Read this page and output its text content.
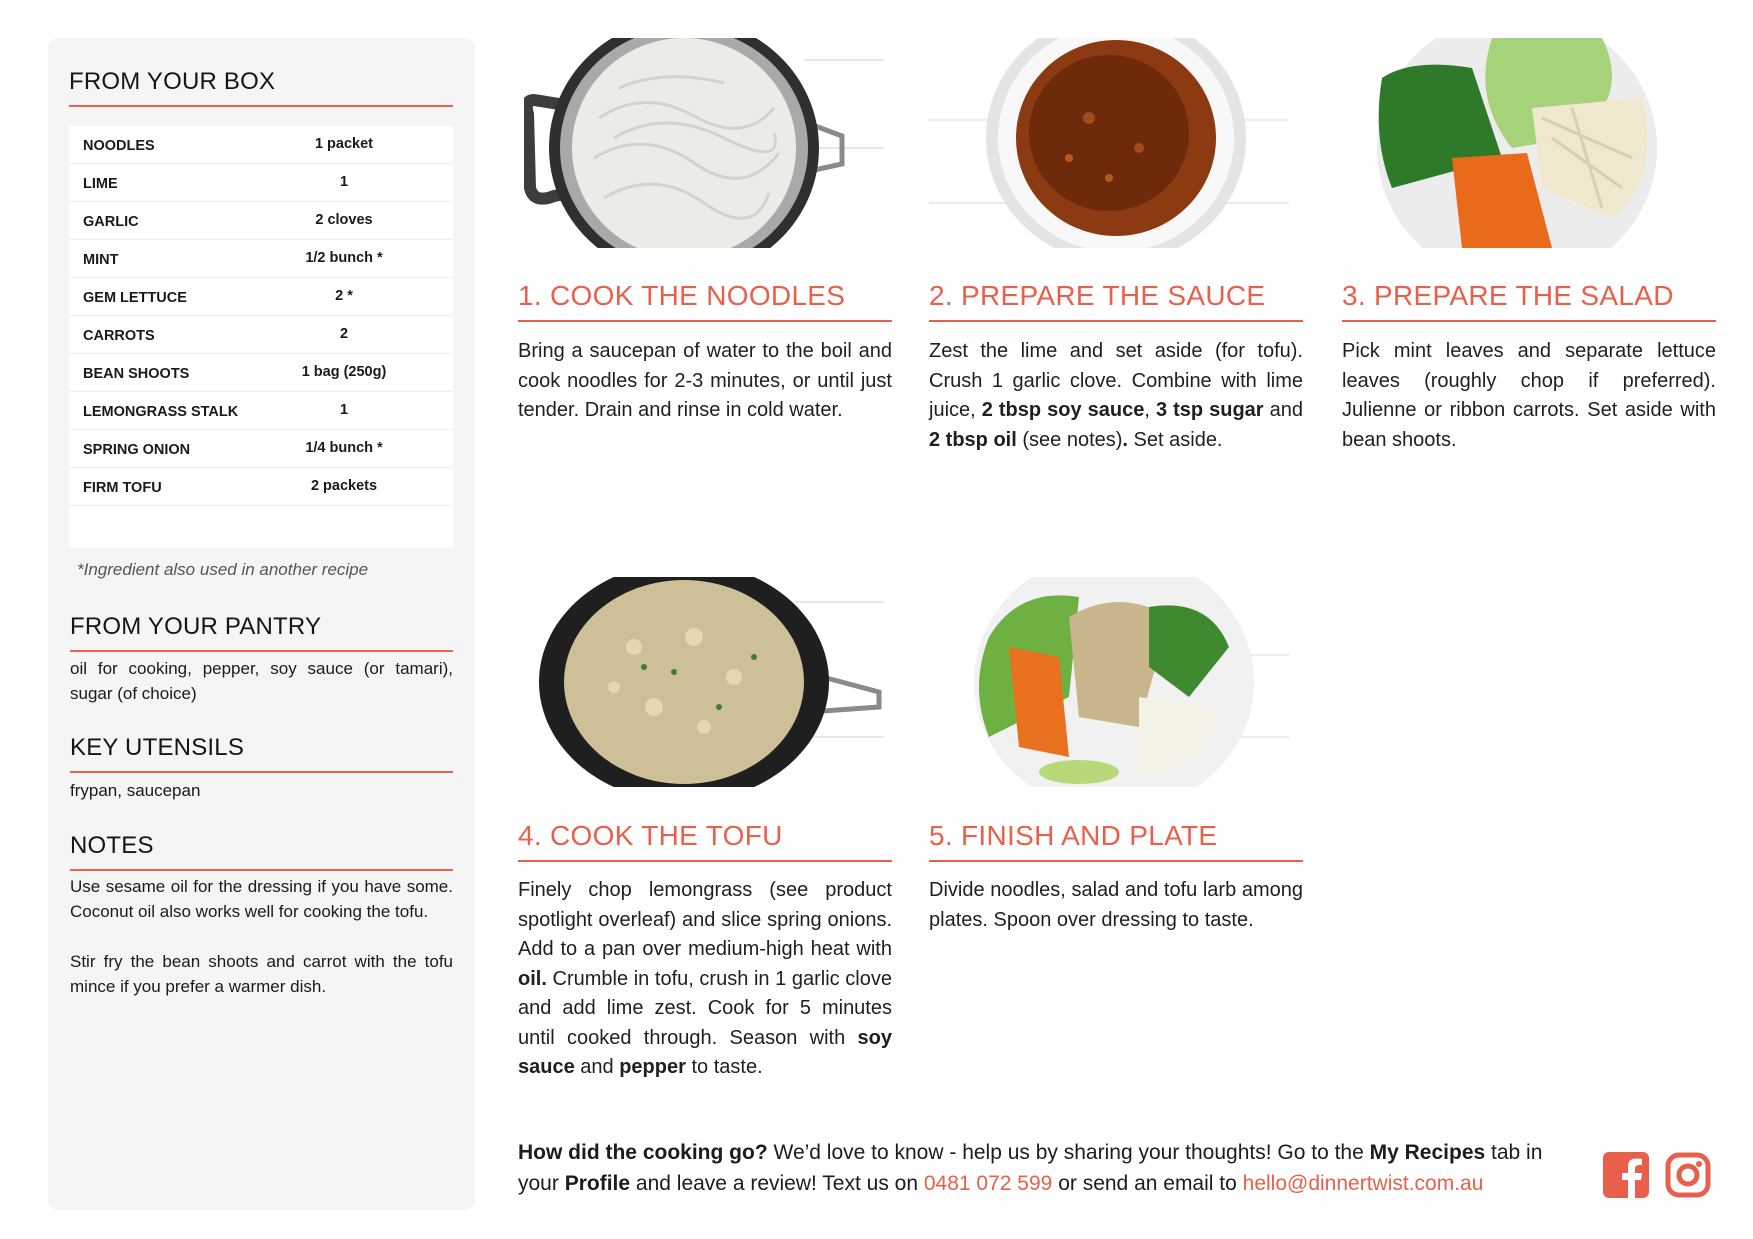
FROM YOUR BOX
NOODLES	1 packet
LIME	1
GARLIC	2 cloves
MINT	1/2 bunch *
GEM LETTUCE	2 *
CARROTS	2
BEAN SHOOTS	1 bag (250g)
LEMONGRASS STALK	1
SPRING ONION	1/4 bunch *
FIRM TOFU	2 packets
*Ingredient also used in another recipe
FROM YOUR PANTRY
oil for cooking, pepper, soy sauce (or tamari), sugar (of choice)
KEY UTENSILS
frypan, saucepan
NOTES
Use sesame oil for the dressing if you have some. Coconut oil also works well for cooking the tofu.
Stir fry the bean shoots and carrot with the tofu mince if you prefer a warmer dish.
1. COOK THE NOODLES	2. PREPARE THE SAUCE	3. PREPARE THE SALAD
4. COOK THE TOFU	5. FINISH AND PLATE
Bring a saucepan of water to the boil and cook noodles for 2-3 minutes, or until just tender. Drain and rinse in cold water.
Zest the lime and set aside (for tofu). Crush 1 garlic clove. Combine with lime juice, 2 tbsp soy sauce, 3 tsp sugar and 2 tbsp oil (see notes). Set aside.
Pick mint leaves and separate lettuce leaves (roughly chop if preferred). Julienne or ribbon carrots. Set aside with bean shoots.
Finely chop lemongrass (see product spotlight overleaf) and slice spring onions. Add to a pan over medium-high heat with oil. Crumble in tofu, crush in 1 garlic clove and add lime zest. Cook for 5 minutes until cooked through. Season with soy sauce and pepper to taste.
Divide noodles, salad and tofu larb among plates. Spoon over dressing to taste.
How did the cooking go? We’d love to know - help us by sharing your thoughts! Go to the My Recipes tab in your Profile and leave a review! Text us on 0481 072 599 or send an email to hello@dinnertwist.com.au
